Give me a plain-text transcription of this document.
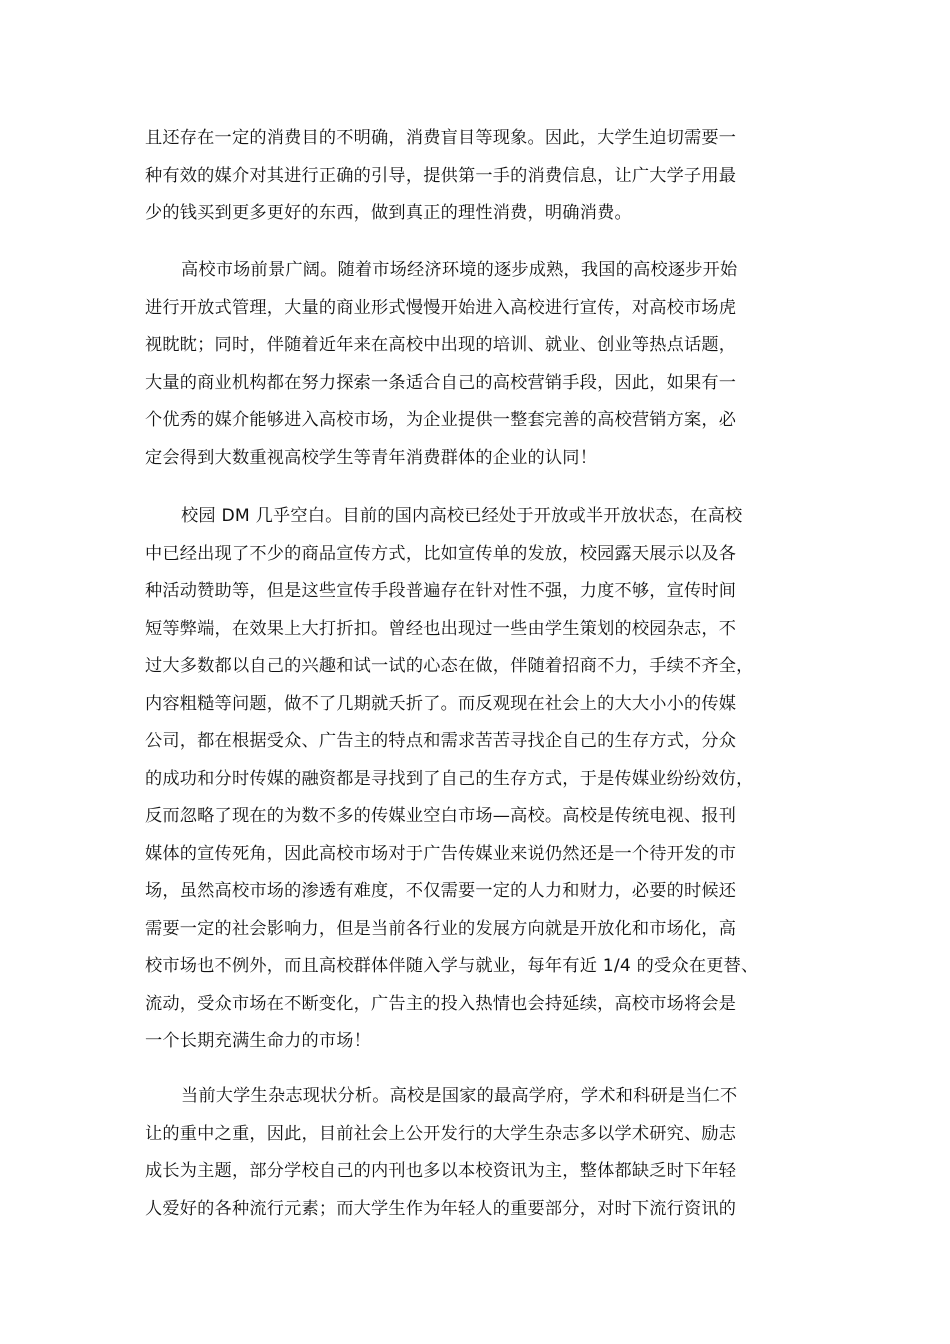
且还存在一定的消费目的不明确，消费盲目等现象。因此，大学生迫切需要一
种有效的媒介对其进行正确的引导，提供第一手的消费信息，让广大学子用最
少的钱买到更多更好的东西，做到真正的理性消费，明确消费。
高校市场前景广阔。随着市场经济环境的逐步成熟，我国的高校逐步开始
进行开放式管理，大量的商业形式慢慢开始进入高校进行宣传，对高校市场虎
视眈眈；同时，伴随着近年来在高校中出现的培训、就业、创业等热点话题，
大量的商业机构都在努力探索一条适合自己的高校营销手段，因此，如果有一
个优秀的媒介能够进入高校市场，为企业提供一整套完善的高校营销方案，必
定会得到大数重视高校学生等青年消费群体的企业的认同！
校园 DM 几乎空白。目前的国内高校已经处于开放或半开放状态，在高校
中已经出现了不少的商品宣传方式，比如宣传单的发放，校园露天展示以及各
种活动赞助等，但是这些宣传手段普遍存在针对性不强，力度不够，宣传时间
短等弊端，在效果上大打折扣。曾经也出现过一些由学生策划的校园杂志，不
过大多数都以自己的兴趣和试一试的心态在做，伴随着招商不力，手续不齐全，
内容粗糙等问题，做不了几期就夭折了。而反观现在社会上的大大小小的传媒
公司，都在根据受众、广告主的特点和需求苦苦寻找企自己的生存方式，分众
的成功和分时传媒的融资都是寻找到了自己的生存方式，于是传媒业纷纷效仿，
反而忽略了现在的为数不多的传媒业空白市场—高校。高校是传统电视、报刊
媒体的宣传死角，因此高校市场对于广告传媒业来说仍然还是一个待开发的市
场，虽然高校市场的渗透有难度，不仅需要一定的人力和财力，必要的时候还
需要一定的社会影响力，但是当前各行业的发展方向就是开放化和市场化，高
校市场也不例外，而且高校群体伴随入学与就业，每年有近 1/4 的受众在更替、
流动，受众市场在不断变化，广告主的投入热情也会持延续，高校市场将会是
一个长期充满生命力的市场！
当前大学生杂志现状分析。高校是国家的最高学府，学术和科研是当仁不
让的重中之重，因此，目前社会上公开发行的大学生杂志多以学术研究、励志
成长为主题，部分学校自己的内刊也多以本校资讯为主，整体都缺乏时下年轻
人爱好的各种流行元素；而大学生作为年轻人的重要部分，对时下流行资讯的
